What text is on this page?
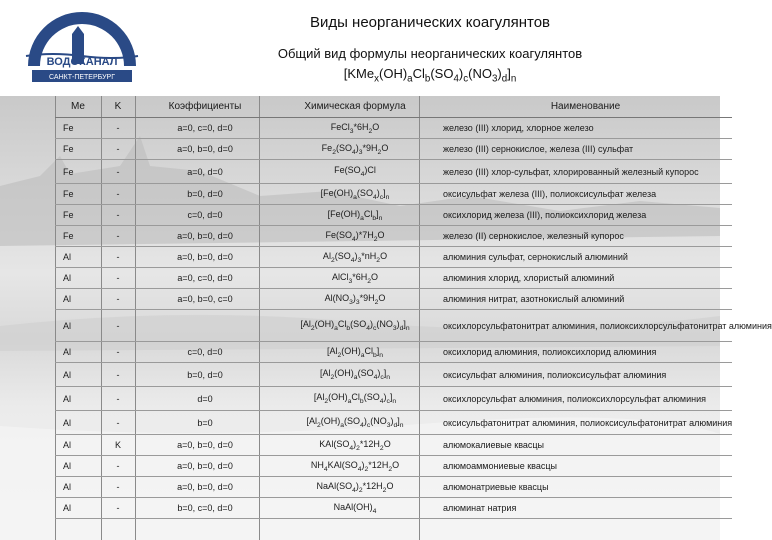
ВОДОКАНАЛ
САНКТ-ПЕТЕРБУРГ
Виды неорганических коагулянтов
Общий вид формулы неорганических коагулянтов
$[KMe_x(OH)_aCl_b(SO_4)_c(NO_3)_d]_n$
Me	K	Коэффициенты	Химическая формула	Наименование
Fe	-	a=0, c=0, d=0	$FeCl_3*6H_2O$	железо (III) хлорид, хлорное железо
Fe	-	a=0, b=0, d=0	$Fe_2(SO_4)_3*9H_2O$	железо (III) сернокислое, железа (III) сульфат
Fe	-	a=0, d=0	$Fe(SO_4)Cl$	железо (III) хлор-сульфат, хлорированный железный купорос
Fe	-	b=0, d=0	$[Fe(OH)_a(SO_4)_c]_n$	оксисульфат железа (III), полиоксисульфат железа
Fe	-	c=0, d=0	$[Fe(OH)_aCl_b]_n$	оксихлорид железа (III), полиоксихлорид железа
Fe	-	a=0, b=0, d=0	$Fe(SO_4)*7H_2O$	железо (II) сернокислое, железный купорос
Al	-	a=0, b=0, d=0	$Al_2(SO_4)_3*nH_2O$	алюминия сульфат, сернокислый алюминий
Al	-	a=0, c=0, d=0	$AlCl_3*6H_2O$	алюминия хлорид, хлористый алюминий
Al	-	a=0, b=0, c=0	$Al(NO_3)_3*9H_2O$	алюминия нитрат, азотнокислый алюминий
Al	-		$[Al_2(OH)_aCl_b(SO_4)_c(NO_3)_d]_n$	оксихлорсульфатонитрат алюминия, полиоксихлорсульфатонитрат алюминия
Al	-	c=0, d=0	$[Al_2(OH)_aCl_b]_n$	оксихлорид алюминия, полиоксихлорид алюминия
Al	-	b=0, d=0	$[Al_2(OH)_a(SO_4)_c]_n$	оксисульфат алюминия, полиоксисульфат алюминия
Al	-	d=0	$[Al_2(OH)_aCl_b(SO_4)_c]_n$	оксихлорсульфат алюминия, полиоксихлорсульфат алюминия
Al	-	b=0	$[Al_2(OH)_a(SO_4)_c(NO_3)_d]_n$	оксисульфатонитрат алюминия, полиоксисульфатонитрат алюминия
Al	K	a=0, b=0, d=0	$KAl(SO_4)_2*12H_2O$	алюмокалиевые квасцы
Al	-	a=0, b=0, d=0	$NH_4KAl(SO_4)_2*12H_2O$	алюмоаммониевые квасцы
Al	-	a=0, b=0, d=0	$NaAl(SO_4)_2*12H_2O$	алюмонатриевые квасцы
Al	-	b=0, c=0, d=0	$NaAl(OH)_4$	алюминат натрия
